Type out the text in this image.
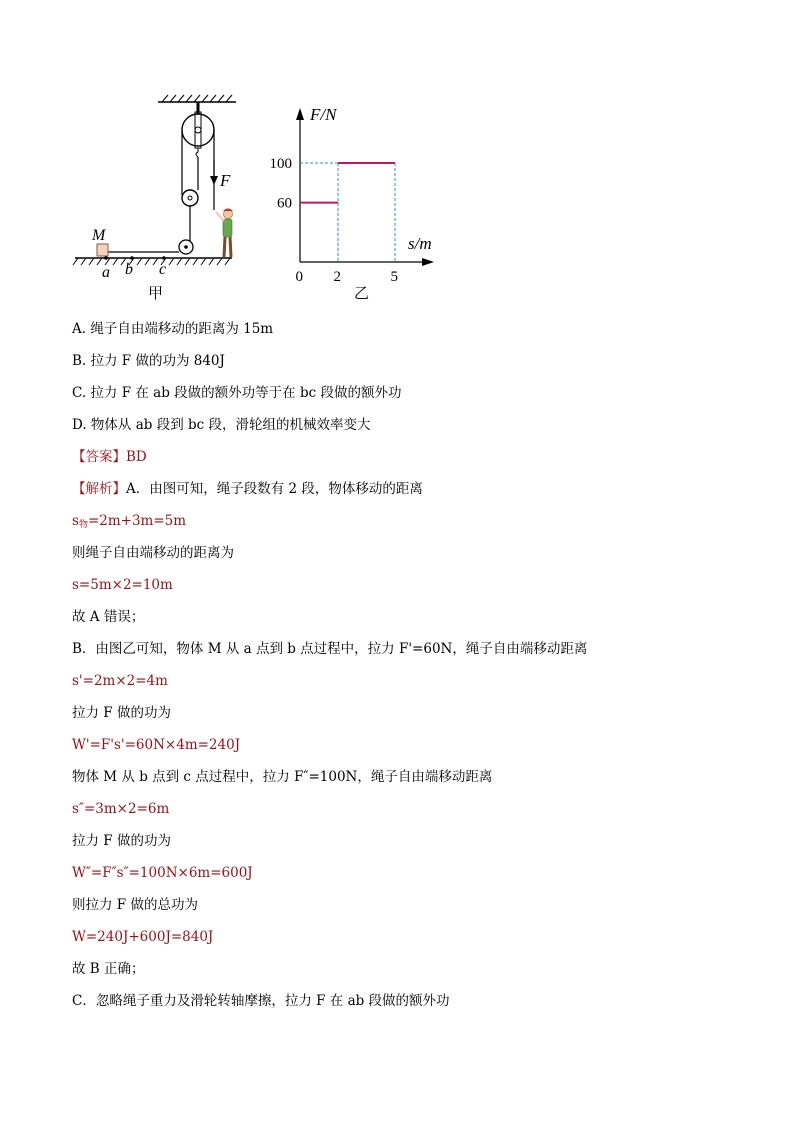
F
M
a b c
甲
F/N
s/m
0 2	5
60
100
乙
A. 绳子自由端移动的距离为 15m
B. 拉力 F 做的功为 840J
C. 拉力 F 在 ab 段做的额外功等于在 bc 段做的额外功
D. 物体从 ab 段到 bc 段，滑轮组的机械效率变大
【答案】BD
【解析】A．由图可知，绳子段数有 2 段，物体移动的距离
$s_物=2m+3m=5m$
则绳子自由端移动的距离为
s=5m×2=10m
故 A 错误；
B．由图乙可知，物体 M 从 a 点到 b 点过程中，拉力 F'=60N，绳子自由端移动距离
s'=2m×2=4m
拉力 F 做的功为
W'=F's'=60N×4m=240J
物体 M 从 b 点到 c 点过程中，拉力 F″=100N，绳子自由端移动距离
s″=3m×2=6m
拉力 F 做的功为
W″=F″s″=100N×6m=600J
则拉力 F 做的总功为
W=240J+600J=840J
故 B 正确；
C．忽略绳子重力及滑轮转轴摩擦，拉力 F 在 ab 段做的额外功
